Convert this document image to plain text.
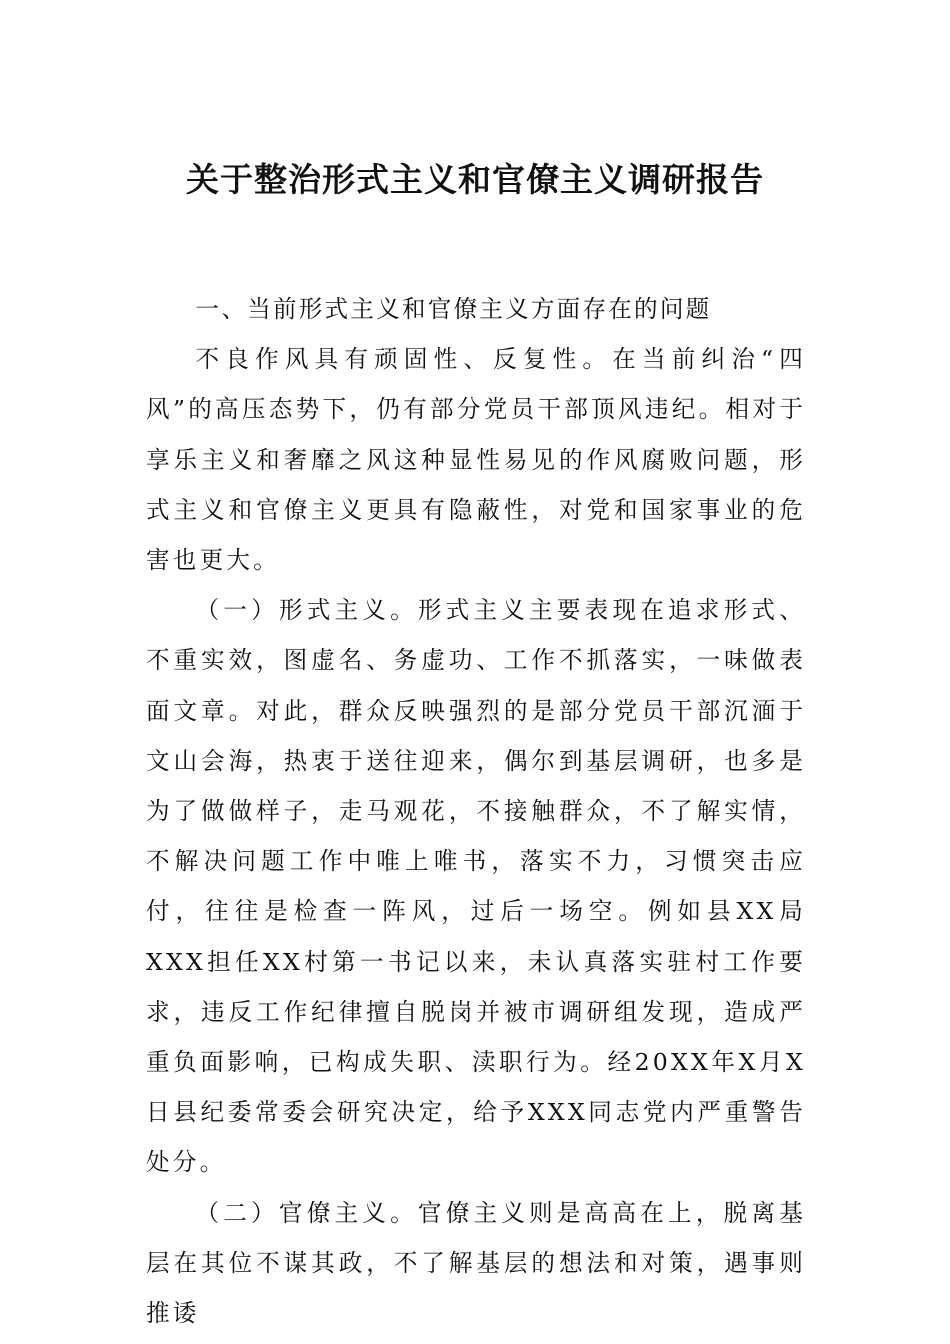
关于整治形式主义和官僚主义调研报告

一、当前形式主义和官僚主义方面存在的问题

不良作风具有顽固性、反复性。在当前纠治“四风”的高压态势下，仍有部分党员干部顶风违纪。相对于享乐主义和奢靡之风这种显性易见的作风腐败问题，形式主义和官僚主义更具有隐蔽性，对党和国家事业的危害也更大。

（一）形式主义。形式主义主要表现在追求形式、不重实效，图虚名、务虚功、工作不抓落实，一味做表面文章。对此，群众反映强烈的是部分党员干部沉湎于文山会海，热衷于送往迎来，偶尔到基层调研，也多是为了做做样子，走马观花，不接触群众，不了解实情，不解决问题工作中唯上唯书，落实不力，习惯突击应付，往往是检查一阵风，过后一场空。例如县XX局XXX担任XX村第一书记以来，未认真落实驻村工作要求，违反工作纪律擅自脱岗并被市调研组发现，造成严重负面影响，已构成失职、渎职行为。经20XX年X月X日县纪委常委会研究决定，给予XXX同志党内严重警告处分。

（二）官僚主义。官僚主义则是高高在上，脱离基层在其位不谋其政，不了解基层的想法和对策，遇事则推诿
